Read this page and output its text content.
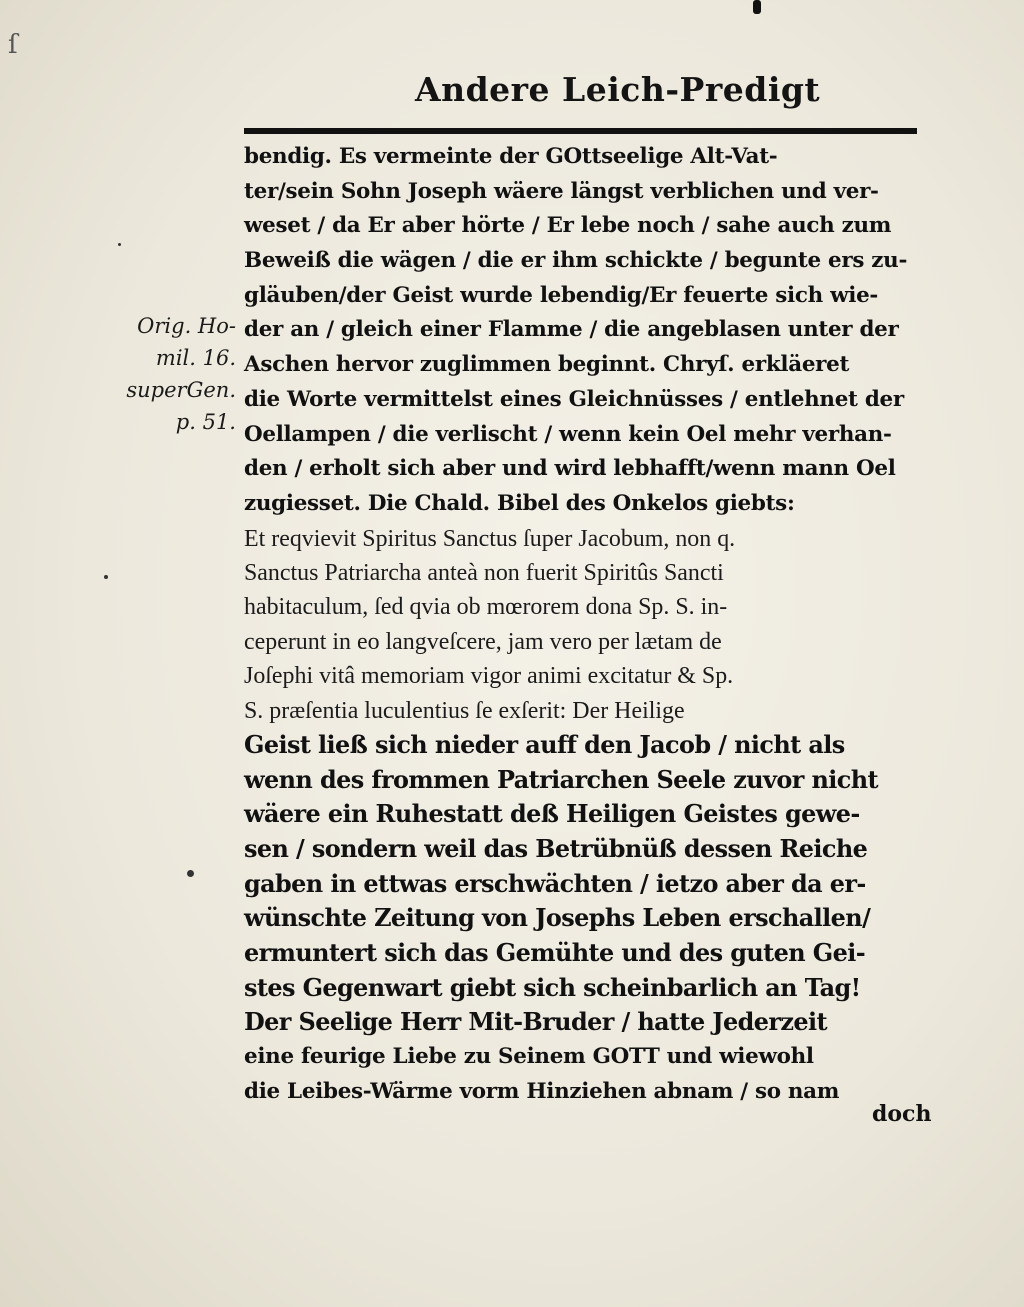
ſ
Andere Leich-Predigt
Orig. Ho-
mil. 16.
superGen.
p. 51.
bendig. Es vermeinte der GOttseelige Alt-Vat-
ter/sein Sohn Joseph wäere längst verblichen und ver-
weset / da Er aber hörte / Er lebe noch / sahe auch zum
Beweiß die wägen / die er ihm schickte / begunte ers zu-
gläuben/der Geist wurde lebendig/Er feuerte sich wie-
der an / gleich einer Flamme / die angeblasen unter der
Aschen hervor zuglimmen beginnt. Chryſ. erkläeret
die Worte vermittelst eines Gleichnüsses / entlehnet der
Oellampen / die verlischt / wenn kein Oel mehr verhan-
den / erholt sich aber und wird lebhafft/wenn mann Oel
zugiesset. Die Chald. Bibel des Onkelos giebts:
Et reqvievit Spiritus Sanctus ſuper Jacobum, non q.
Sanctus Patriarcha anteà non fuerit Spiritûs Sancti
habitaculum, ſed qvia ob mœrorem dona Sp. S. in-
ceperunt in eo langveſcere, jam vero per lætam de
Joſephi vitâ memoriam vigor animi excitatur & Sp.
S. præſentia luculentius ſe exſerit: Der Heilige
Geist ließ sich nieder auff den Jacob / nicht als
wenn des frommen Patriarchen Seele zuvor nicht
wäere ein Ruhestatt deß Heiligen Geistes gewe-
sen / sondern weil das Betrübnüß dessen Reiche
gaben in ettwas erschwächten / ietzo aber da er-
wünschte Zeitung von Josephs Leben erschallen/
ermuntert sich das Gemühte und des guten Gei-
stes Gegenwart giebt sich scheinbarlich an Tag!
Der Seelige Herr Mit-Bruder / hatte Jederzeit
eine feurige Liebe zu Seinem GOTT und wiewohl
die Leibes-Wärme vorm Hinziehen abnam / so nam
doch
